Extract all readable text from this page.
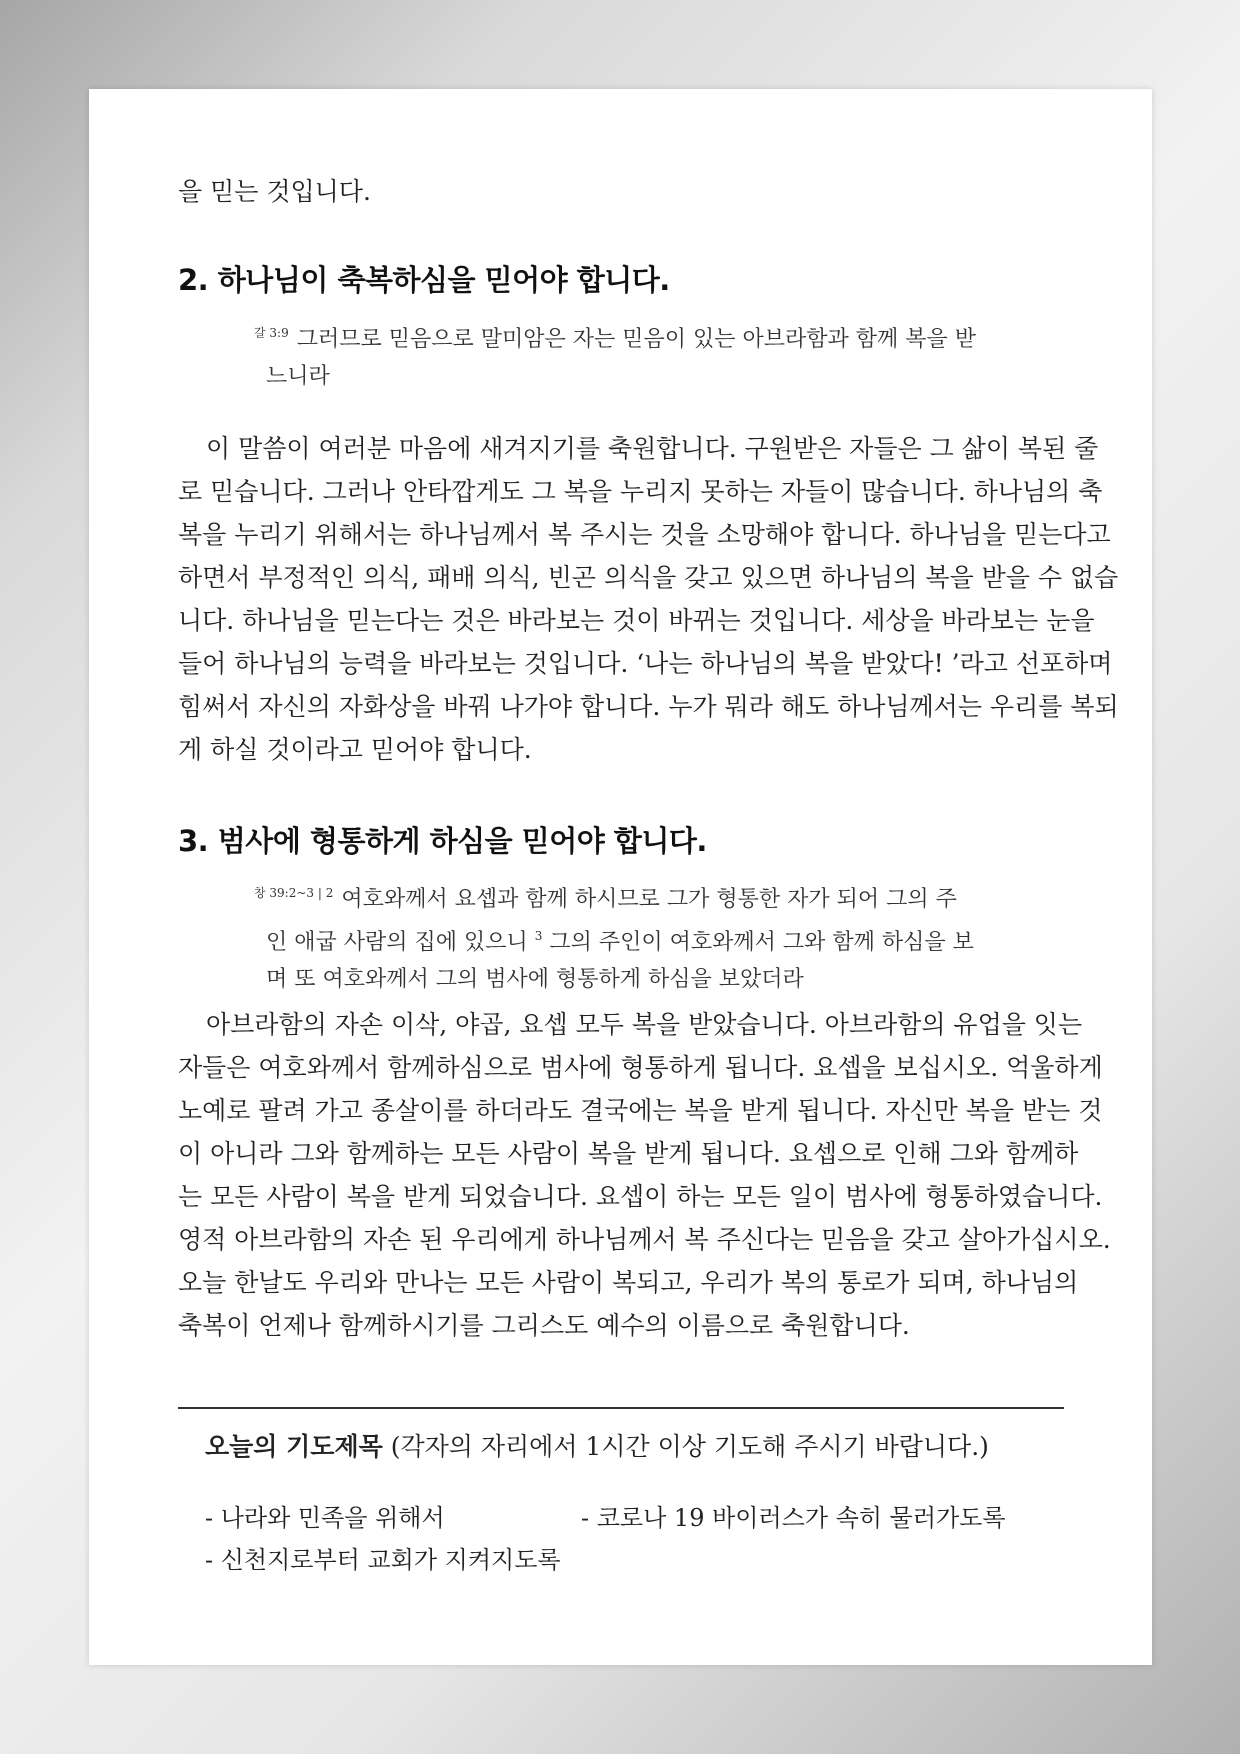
을 믿는 것입니다.
2. 하나님이 축복하심을 믿어야 합니다.
$^{갈 3:9}$ 그러므로 믿음으로 말미암은 자는 믿음이 있는 아브라함과 함께 복을 받
느니라
이 말씀이 여러분 마음에 새겨지기를 축원합니다. 구원받은 자들은 그 삶이 복된 줄
로 믿습니다. 그러나 안타깝게도 그 복을 누리지 못하는 자들이 많습니다. 하나님의 축
복을 누리기 위해서는 하나님께서 복 주시는 것을 소망해야 합니다. 하나님을 믿는다고
하면서 부정적인 의식, 패배 의식, 빈곤 의식을 갖고 있으면 하나님의 복을 받을 수 없습
니다. 하나님을 믿는다는 것은 바라보는 것이 바뀌는 것입니다. 세상을 바라보는 눈을
들어 하나님의 능력을 바라보는 것입니다. ‘나는 하나님의 복을 받았다! ’라고 선포하며
힘써서 자신의 자화상을 바꿔 나가야 합니다. 누가 뭐라 해도 하나님께서는 우리를 복되
게 하실 것이라고 믿어야 합니다.
3. 범사에 형통하게 하심을 믿어야 합니다.
$^{창 39:2\sim 3 | 2}$ 여호와께서 요셉과 함께 하시므로 그가 형통한 자가 되어 그의 주
인 애굽 사람의 집에 있으니 $^3$ 그의 주인이 여호와께서 그와 함께 하심을 보
며 또 여호와께서 그의 범사에 형통하게 하심을 보았더라
아브라함의 자손 이삭, 야곱, 요셉 모두 복을 받았습니다. 아브라함의 유업을 잇는
자들은 여호와께서 함께하심으로 범사에 형통하게 됩니다. 요셉을 보십시오. 억울하게
노예로 팔려 가고 종살이를 하더라도 결국에는 복을 받게 됩니다. 자신만 복을 받는 것
이 아니라 그와 함께하는 모든 사람이 복을 받게 됩니다. 요셉으로 인해 그와 함께하
는 모든 사람이 복을 받게 되었습니다. 요셉이 하는 모든 일이 범사에 형통하였습니다.
영적 아브라함의 자손 된 우리에게 하나님께서 복 주신다는 믿음을 갖고 살아가십시오.
오늘 한날도 우리와 만나는 모든 사람이 복되고, 우리가 복의 통로가 되며, 하나님의
축복이 언제나 함께하시기를 그리스도 예수의 이름으로 축원합니다.
오늘의 기도제목 (각자의 자리에서 1시간 이상 기도해 주시기 바랍니다.)
- 나라와 민족을 위해서	- 코로나 19 바이러스가 속히 물러가도록
- 신천지로부터 교회가 지켜지도록
